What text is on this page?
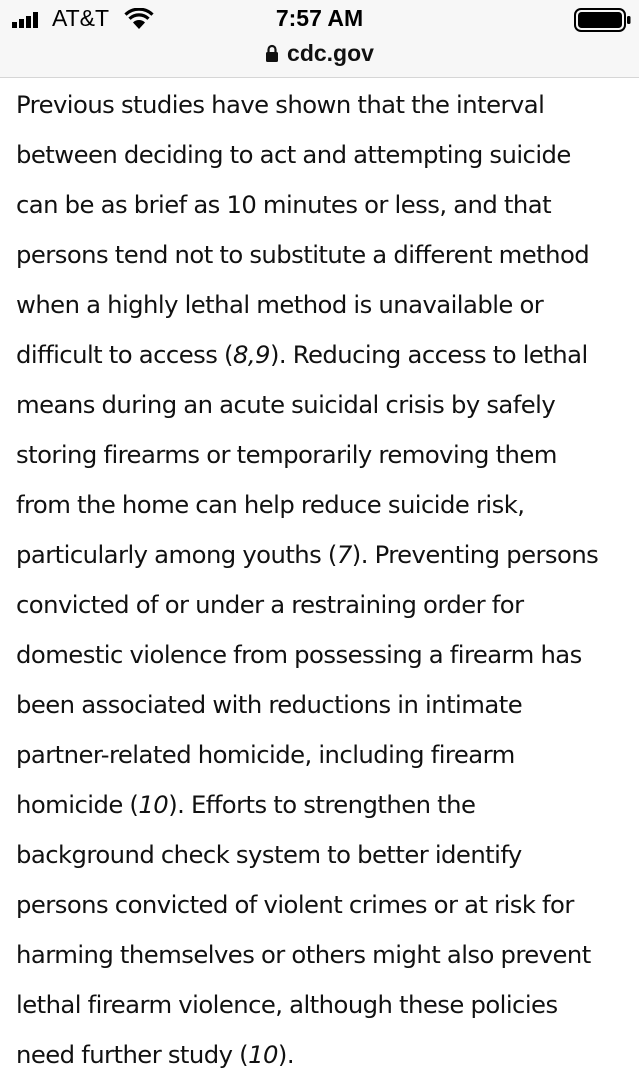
AT&T	7:57 AM
cdc.gov

Previous studies have shown that the interval
between deciding to act and attempting suicide
can be as brief as 10 minutes or less, and that
persons tend not to substitute a different method
when a highly lethal method is unavailable or
difficult to access (8,9). Reducing access to lethal
means during an acute suicidal crisis by safely
storing firearms or temporarily removing them
from the home can help reduce suicide risk,
particularly among youths (7). Preventing persons
convicted of or under a restraining order for
domestic violence from possessing a firearm has
been associated with reductions in intimate
partner-related homicide, including firearm
homicide (10). Efforts to strengthen the
background check system to better identify
persons convicted of violent crimes or at risk for
harming themselves or others might also prevent
lethal firearm violence, although these policies
need further study (10).
